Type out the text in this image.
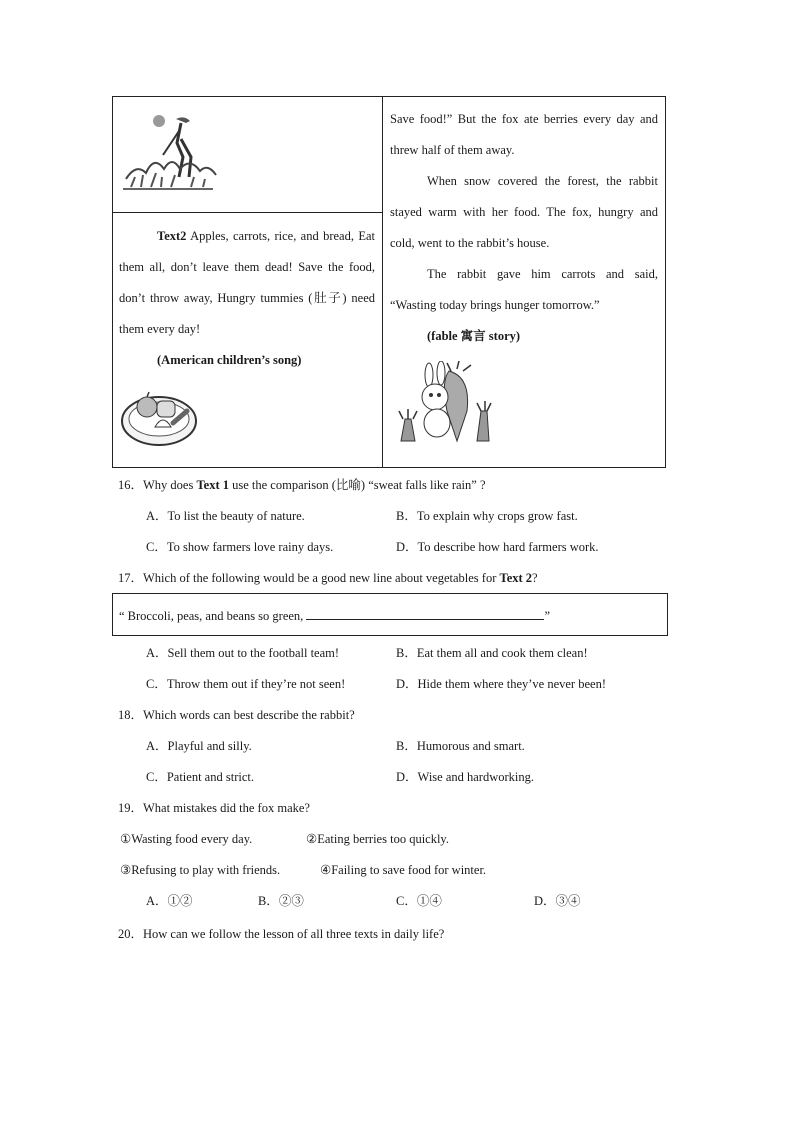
Text2 Apples, carrots, rice, and bread, Eat them all, don’t leave them dead! Save the food, don’t throw away, Hungry tummies (肚子) need them every day!
(American children’s song)
Save food!” But the fox ate berries every day and threw half of them away.
When snow covered the forest, the rabbit stayed warm with her food. The fox, hungry and cold, went to the rabbit’s house.
The rabbit gave him carrots and said, “Wasting today brings hunger tomorrow.”
(fable 寓言 story)
16．Why does Text 1 use the comparison (比喻) “sweat falls like rain” ?
A．To list the beauty of nature.	B．To explain why crops grow fast.
C．To show farmers love rainy days.	D．To describe how hard farmers work.
17．Which of the following would be a good new line about vegetables for Text 2?
“ Broccoli, peas, and beans so green,	”
A．Sell them out to the football team!	B．Eat them all and cook them clean!
C．Throw them out if they’re not seen!	D．Hide them where they’ve never been!
18．Which words can best describe the rabbit?
A．Playful and silly.	B．Humorous and smart.
C．Patient and strict.	D．Wise and hardworking.
19．What mistakes did the fox make?
①Wasting food every day.	②Eating berries too quickly.
③Refusing to play with friends.	④Failing to save food for winter.
A．①②	B．②③	C．①④	D．③④
20．How can we follow the lesson of all three texts in daily life?
